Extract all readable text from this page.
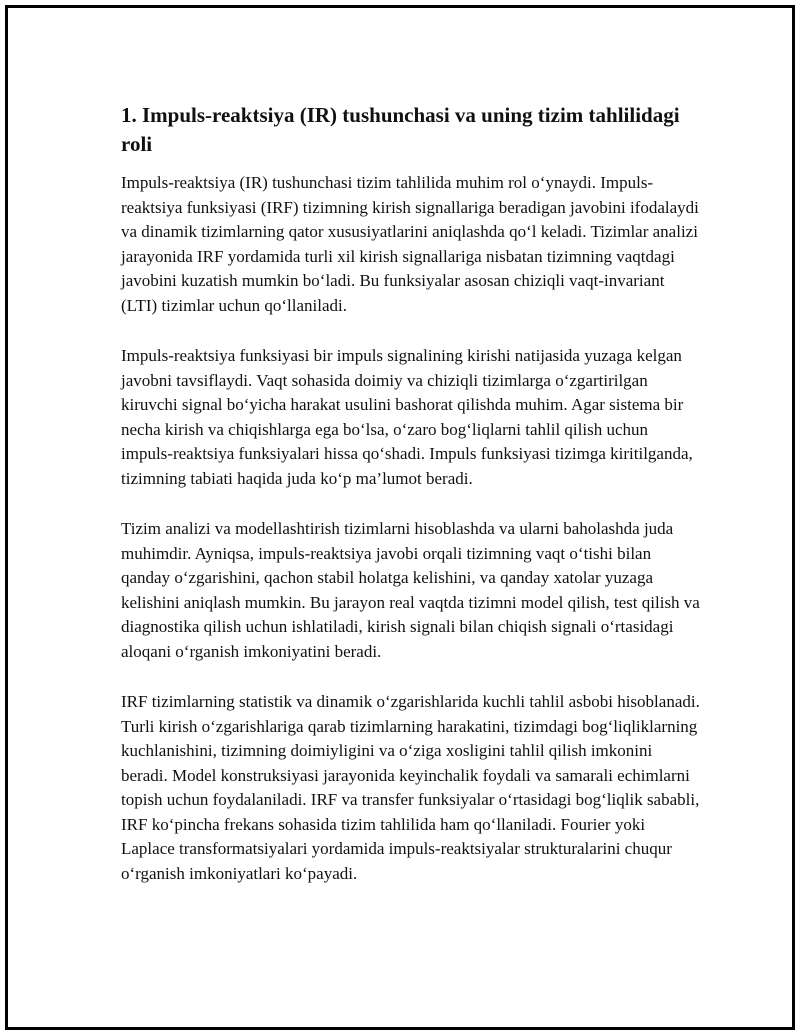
1. Impuls-reaktsiya (IR) tushunchasi va uning tizim tahlilidagi roli

Impuls-reaktsiya (IR) tushunchasi tizim tahlilida muhim rol o‘ynaydi. Impuls-reaktsiya funksiyasi (IRF) tizimning kirish signallariga beradigan javobini ifodalaydi va dinamik tizimlarning qator xususiyatlarini aniqlashda qo‘l keladi. Tizimlar analizi jarayonida IRF yordamida turli xil kirish signallariga nisbatan tizimning vaqtdagi javobini kuzatish mumkin bo‘ladi. Bu funksiyalar asosan chiziqli vaqt-invariant (LTI) tizimlar uchun qo‘llaniladi.

Impuls-reaktsiya funksiyasi bir impuls signalining kirishi natijasida yuzaga kelgan javobni tavsiflaydi. Vaqt sohasida doimiy va chiziqli tizimlarga o‘zgartirilgan kiruvchi signal bo‘yicha harakat usulini bashorat qilishda muhim. Agar sistema bir necha kirish va chiqishlarga ega bo‘lsa, o‘zaro bog‘liqlarni tahlil qilish uchun impuls-reaktsiya funksiyalari hissa qo‘shadi. Impuls funksiyasi tizimga kiritilganda, tizimning tabiati haqida juda ko‘p ma’lumot beradi.

Tizim analizi va modellashtirish tizimlarni hisoblashda va ularni baholashda juda muhimdir. Ayniqsa, impuls-reaktsiya javobi orqali tizimning vaqt o‘tishi bilan qanday o‘zgarishini, qachon stabil holatga kelishini, va qanday xatolar yuzaga kelishini aniqlash mumkin. Bu jarayon real vaqtda tizimni model qilish, test qilish va diagnostika qilish uchun ishlatiladi, kirish signali bilan chiqish signali o‘rtasidagi aloqani o‘rganish imkoniyatini beradi.

IRF tizimlarning statistik va dinamik o‘zgarishlarida kuchli tahlil asbobi hisoblanadi. Turli kirish o‘zgarishlariga qarab tizimlarning harakatini, tizimdagi bog‘liqliklarning kuchlanishini, tizimning doimiyligini va o‘ziga xosligini tahlil qilish imkonini beradi. Model konstruksiyasi jarayonida keyinchalik foydali va samarali echimlarni topish uchun foydalaniladi. IRF va transfer funksiyalar o‘rtasidagi bog‘liqlik sababli, IRF ko‘pincha frekans sohasida tizim tahlilida ham qo‘llaniladi. Fourier yoki Laplace transformatsiyalari yordamida impuls-reaktsiyalar strukturalarini chuqur o‘rganish imkoniyatlari ko‘payadi.
